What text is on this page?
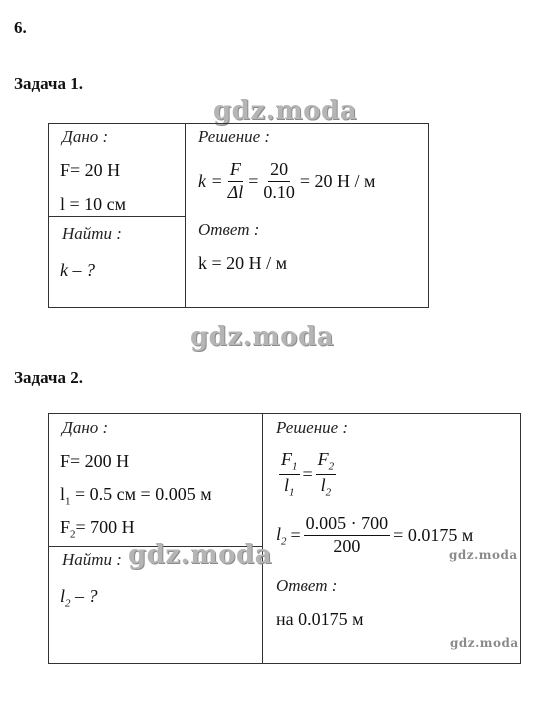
6.
Задача 1.
gdz.moda
Дано :
F= 20 Н
l = 10 см
Найти :
k – ?
Решение :
$k = \frac{F}{\Delta l} = \frac{20}{0.10} = 20$ Н / м
Ответ :
k = 20 Н / м
gdz.moda
Задача 2.
Дано :
F= 200 Н
$l_1 = 0.5$ см = 0.005 м
$F_2= 700$ Н
Найти :
$l_2$ – ?
Решение :
$\frac{F_1}{l_1} = \frac{F_2}{l_2}$
$l_2 = \frac{0.005 \cdot 700}{200} = 0.0175$ м
Ответ :
на 0.0175 м
gdz.moda	gdz.moda
gdz.moda
